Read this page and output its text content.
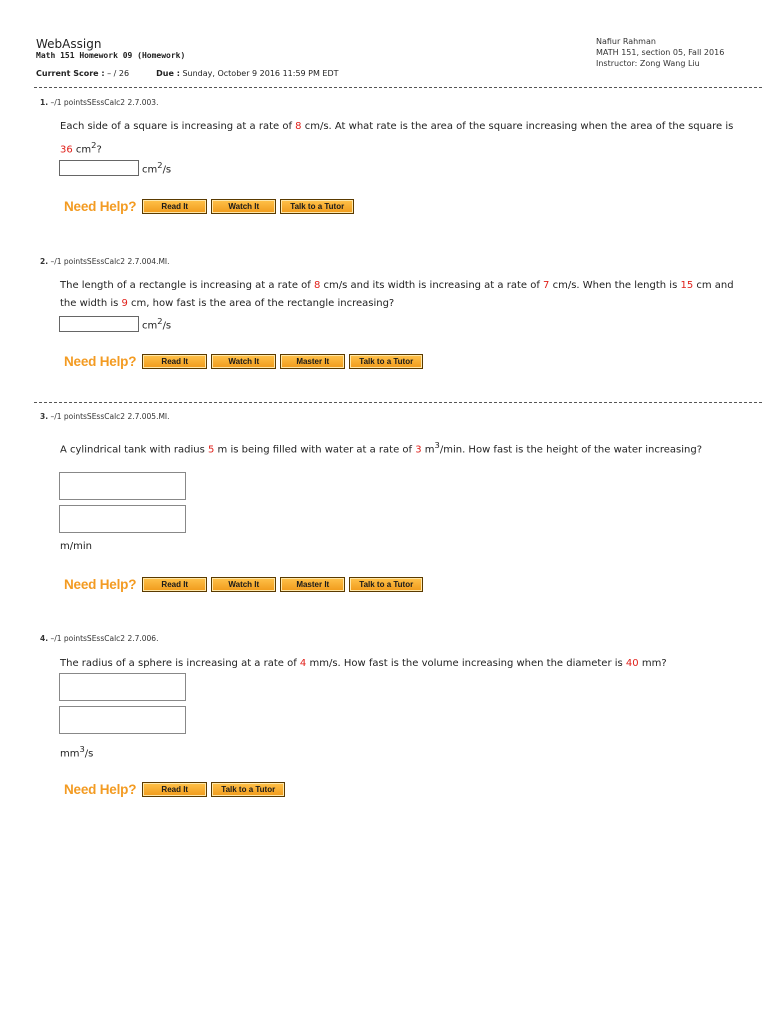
WebAssign
Math 151 Homework 09 (Homework)
Current Score : – / 26	Due : Sunday, October 9 2016 11:59 PM EDT
Nafiur Rahman
MATH 151, section 05, Fall 2016
Instructor: Zong Wang Liu
1. –/1 pointsSEssCalc2 2.7.003.
Each side of a square is increasing at a rate of 8 cm/s. At what rate is the area of the square increasing when the area of the square is 36 $cm^2$?
$cm^2/s$
Need Help?	Read It	Watch It	Talk to a Tutor
2. –/1 pointsSEssCalc2 2.7.004.MI.
The length of a rectangle is increasing at a rate of 8 cm/s and its width is increasing at a rate of 7 cm/s. When the length is 15 cm and the width is 9 cm, how fast is the area of the rectangle increasing?
$cm^2/s$
Need Help?	Read It	Watch It	Master It	Talk to a Tutor
3. –/1 pointsSEssCalc2 2.7.005.MI.
A cylindrical tank with radius 5 m is being filled with water at a rate of 3 $m^3/\min$. How fast is the height of the water increasing?
m/min
Need Help?	Read It	Watch It	Master It	Talk to a Tutor
4. –/1 pointsSEssCalc2 2.7.006.
The radius of a sphere is increasing at a rate of 4 mm/s. How fast is the volume increasing when the diameter is 40 mm?
$mm^3/s$
Need Help?	Read It	Talk to a Tutor
